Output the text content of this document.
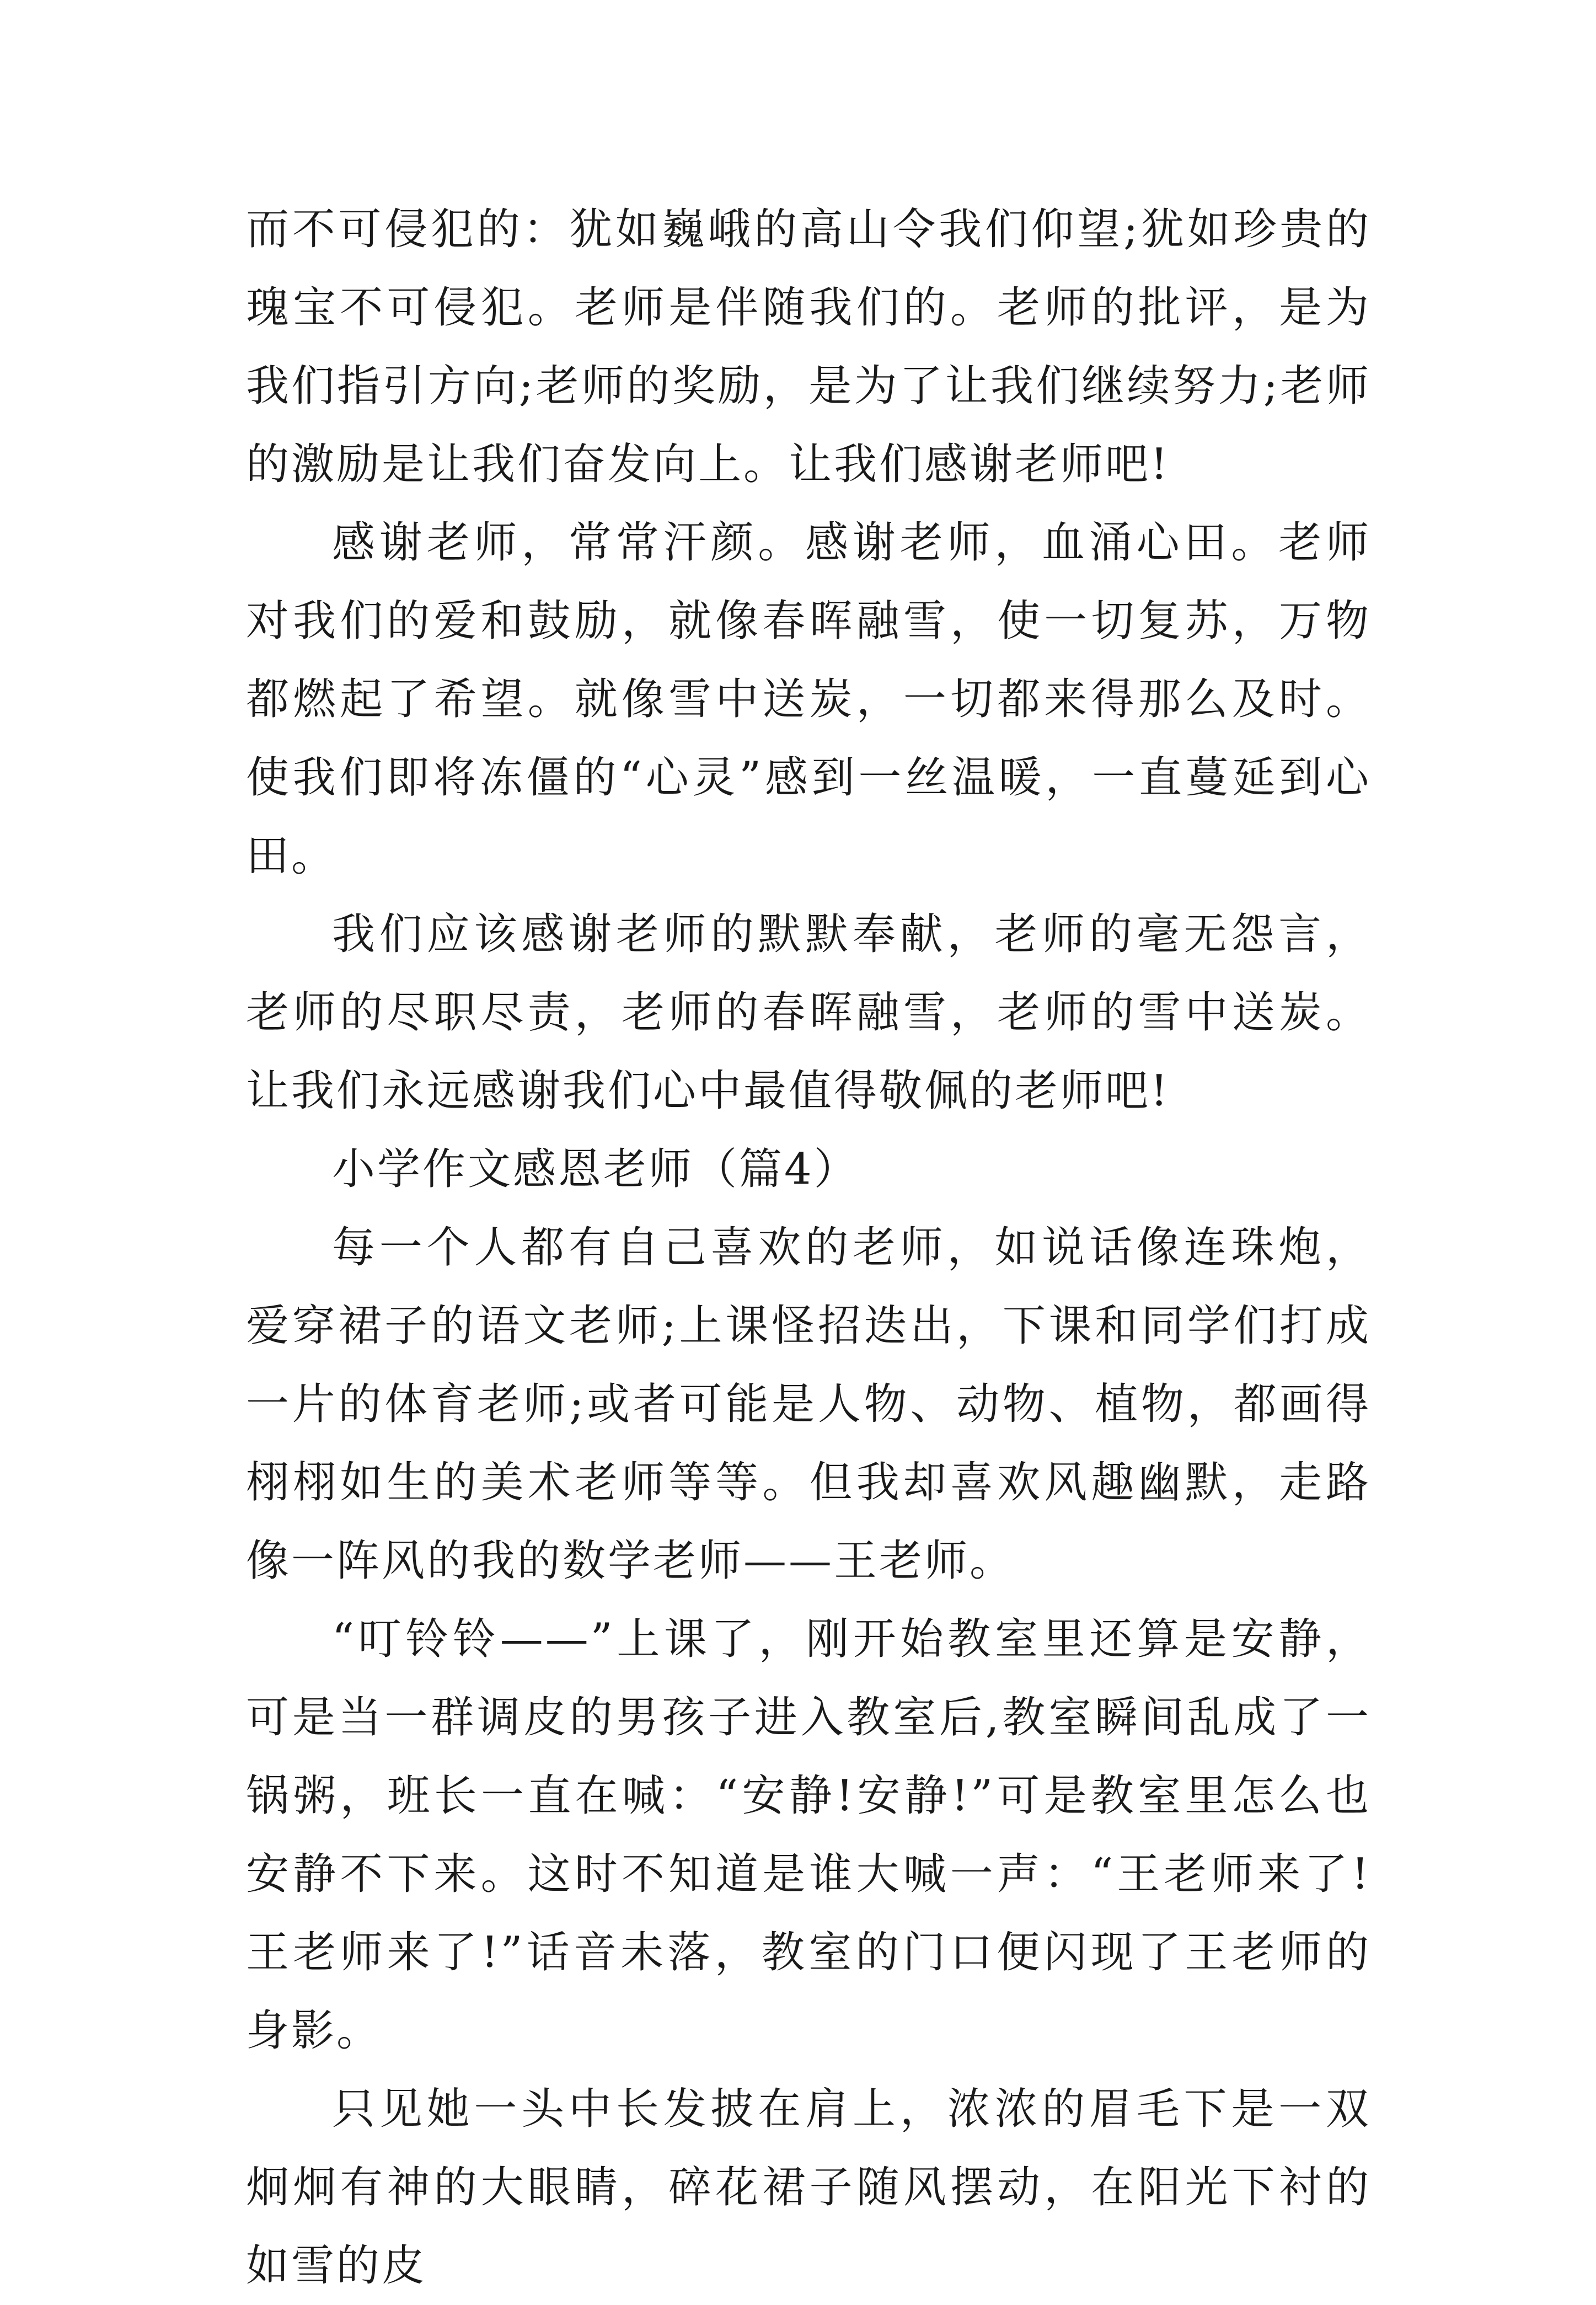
而不可侵犯的：犹如巍峨的高山令我们仰望;犹如珍贵的瑰宝不可侵犯。老师是伴随我们的。老师的批评，是为我们指引方向;老师的奖励，是为了让我们继续努力;老师的激励是让我们奋发向上。让我们感谢老师吧!

感谢老师，常常汗颜。感谢老师，血涌心田。老师对我们的爱和鼓励，就像春晖融雪，使一切复苏，万物都燃起了希望。就像雪中送炭，一切都来得那么及时。使我们即将冻僵的“心灵”感到一丝温暖，一直蔓延到心田。

我们应该感谢老师的默默奉献，老师的毫无怨言，老师的尽职尽责，老师的春晖融雪，老师的雪中送炭。让我们永远感谢我们心中最值得敬佩的老师吧!

小学作文感恩老师（篇4）

每一个人都有自己喜欢的老师，如说话像连珠炮，爱穿裙子的语文老师;上课怪招迭出，下课和同学们打成一片的体育老师;或者可能是人物、动物、植物，都画得栩栩如生的美术老师等等。但我却喜欢风趣幽默，走路像一阵风的我的数学老师——王老师。

“叮铃铃——”上课了，刚开始教室里还算是安静，可是当一群调皮的男孩子进入教室后,教室瞬间乱成了一锅粥，班长一直在喊：“安静!安静!”可是教室里怎么也安静不下来。这时不知道是谁大喊一声：“王老师来了!王老师来了!”话音未落，教室的门口便闪现了王老师的身影。

只见她一头中长发披在肩上，浓浓的眉毛下是一双炯炯有神的大眼睛，碎花裙子随风摆动，在阳光下衬的如雪的皮
